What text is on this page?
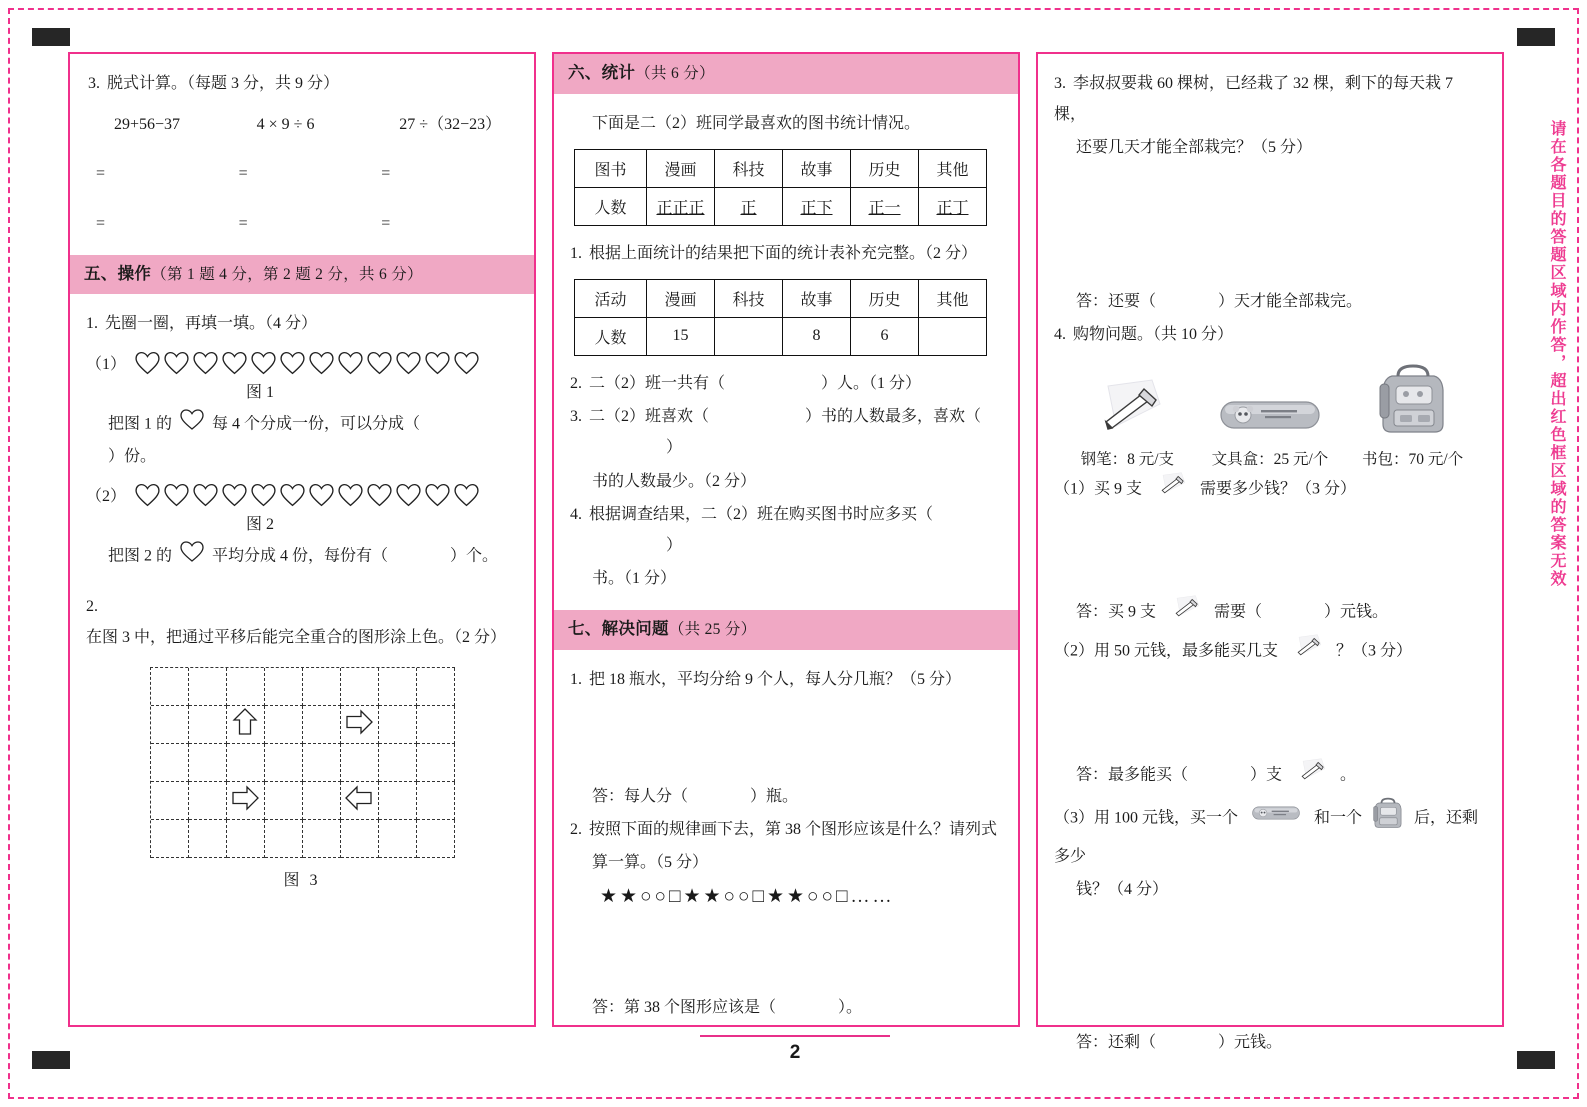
3. 脱式计算。（每题 3 分，共 9 分）
29+56−37	4 × 9 ÷ 6	27 ÷（32−23）
=	=	=
=	=	=
五、操作（第 1 题 4 分，第 2 题 2 分，共 6 分）
1. 先圈一圈，再填一填。（4 分）
（1）
图 1
把图 1 的	每 4 个分成一份，可以分成（）份。
（2）
图 2
把图 2 的	平均分成 4 份，每份有（	）个。
2.在图 3 中，把通过平移后能完全重合的图形涂上色。（2 分）
图 3
六、统计（共 6 分）
下面是二（2）班同学最喜欢的图书统计情况。
图书	漫画	科技	故事	历史	其他
人数	正正正	正	正下	正一	正丁
1. 根据上面统计的结果把下面的统计表补充完整。（2 分）
活动	漫画	科技	故事	历史	其他
人数	15		8	6	
2. 二（2）班一共有（	）人。（1 分）
3. 二（2）班喜欢（	）书的人数最多，喜欢（）
书的人数最少。（2 分）
4. 根据调查结果，二（2）班在购买图书时应多买（）
书。（1 分）
七、解决问题（共 25 分）
1. 把 18 瓶水，平均分给 9 个人，每人分几瓶？（5 分）
答：每人分（	）瓶。
2. 按照下面的规律画下去，第 38 个图形应该是什么？请列式
算一算。（5 分）
★★○○□★★○○□★★○○□……
答：第 38 个图形应该是（	）。
3. 李叔叔要栽 60 棵树，已经栽了 32 棵，剩下的每天栽 7 棵，
还要几天才能全部栽完？（5 分）
答：还要（	）天才能全部栽完。
4. 购物问题。（共 10 分）
钢笔：8 元/支	文具盒：25 元/个	书包：70 元/个
（1）买 9 支	需要多少钱？（3 分）
答：买 9 支	需要（	）元钱。
（2）用 50 元钱，最多能买几支	？（3 分）
答：最多能买（	）支	。
（3）用 100 元钱，买一个	和一个	后，还剩多少
钱？（4 分）
答：还剩（	）元钱。
请在各题目的答题区域内作答，超出红色框区域的答案无效
2
